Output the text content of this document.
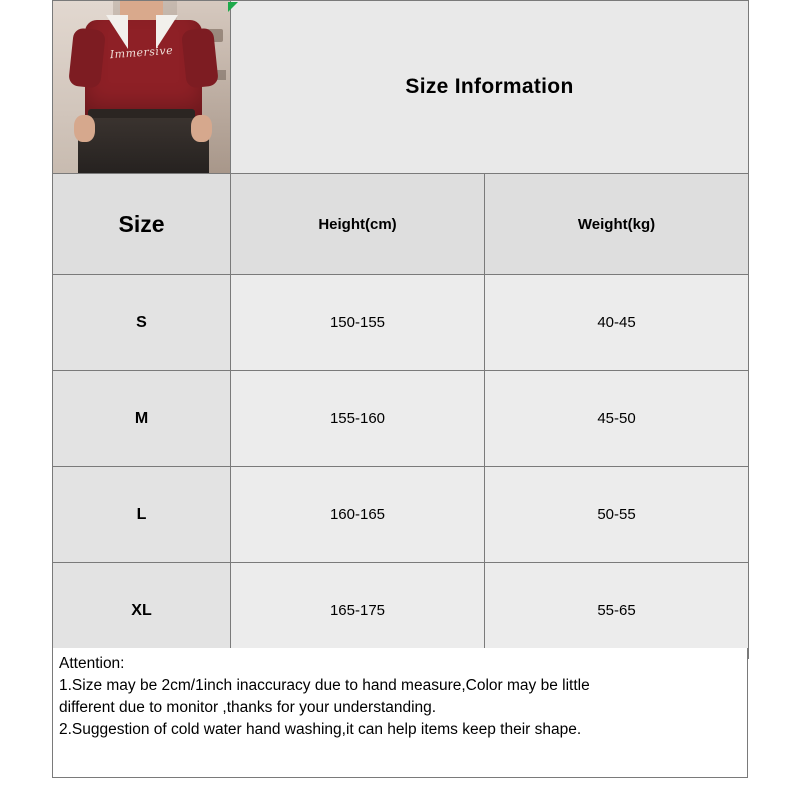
Immersive	Size Information	
Size	Height(cm)	Weight(kg)
S	150-155	40-45
M	155-160	45-50
L	160-165	50-55
XL	165-175	55-65

Attention:

1.Size may be 2cm/1inch inaccuracy due to hand measure,Color may be little

different due to monitor ,thanks for your understanding.

2.Suggestion of cold water hand washing,it can help items keep their shape.
